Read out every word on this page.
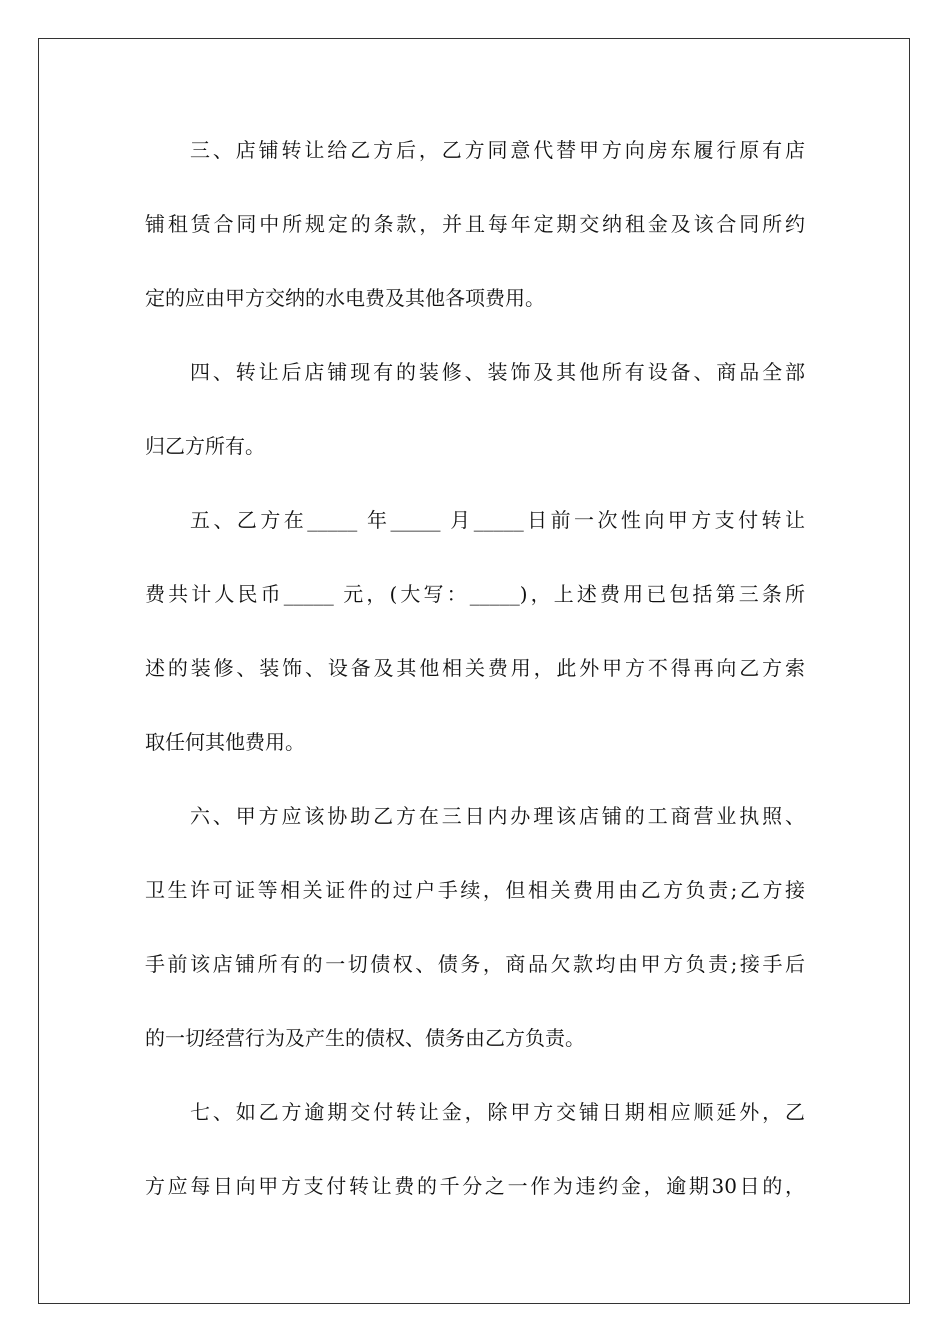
三、店铺转让给乙方后，乙方同意代替甲方向房东履行原有店
铺租赁合同中所规定的条款，并且每年定期交纳租金及该合同所约
定的应由甲方交纳的水电费及其他各项费用。
四、转让后店铺现有的装修、装饰及其他所有设备、商品全部
归乙方所有。
五、乙方在_____ 年_____ 月_____日前一次性向甲方支付转让
费共计人民币_____ 元，(大写：_____)，上述费用已包括第三条所
述的装修、装饰、设备及其他相关费用，此外甲方不得再向乙方索
取任何其他费用。
六、甲方应该协助乙方在三日内办理该店铺的工商营业执照、
卫生许可证等相关证件的过户手续，但相关费用由乙方负责;乙方接
手前该店铺所有的一切债权、债务，商品欠款均由甲方负责;接手后
的一切经营行为及产生的债权、债务由乙方负责。
七、如乙方逾期交付转让金，除甲方交铺日期相应顺延外，乙
方应每日向甲方支付转让费的千分之一作为违约金，逾期30日的，
